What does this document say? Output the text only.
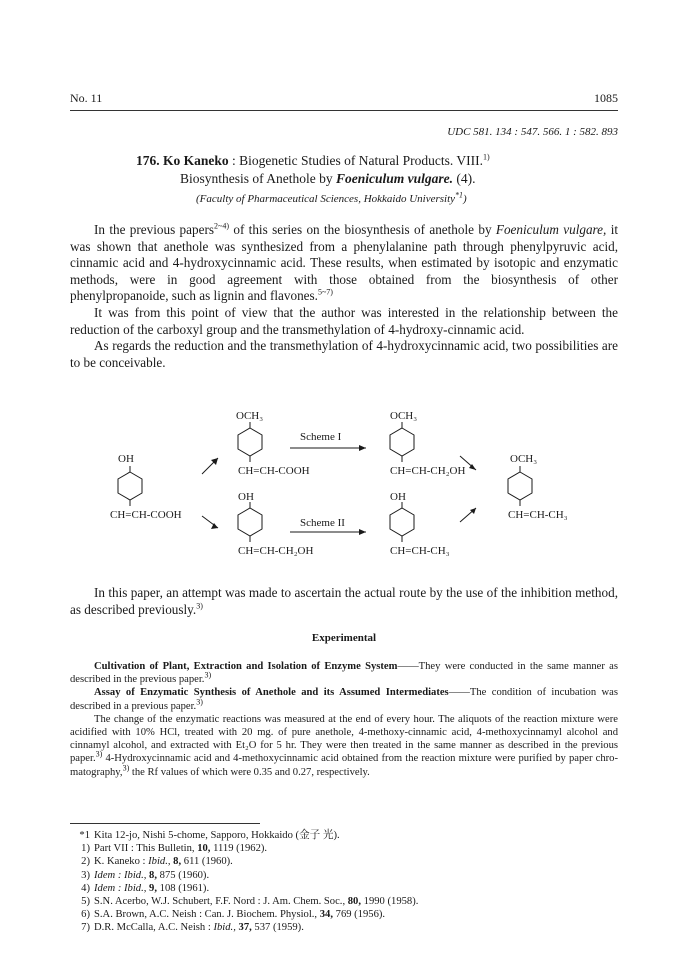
No. 11	1085
UDC 581. 134 : 547. 566. 1 : 582. 893
176. Ko Kaneko : Biogenetic Studies of Natural Products. VIII.$^{1)}$
Biosynthesis of Anethole by Foeniculum vulgare. (4).
(Faculty of Pharmaceutical Sciences, Hokkaido University$^{*1}$)

In the previous papers$^{2\sim 4)}$ of this series on the biosynthesis of anethole by Foeniculum vulgare, it was shown that anethole was synthesized from a phenylalanine path through phenylpyruvic acid, cinnamic acid and 4-hydroxycinnamic acid. These results, when estimated by isotopic and enzymatic methods, were in good agreement with those obtained from the biosynthesis of other phenylpropanoide, such as lignin and flavones.$^{5\sim 7)}$

It was from this point of view that the author was interested in the relationship between the reduction of the carboxyl group and the transmethylation of 4-hydroxy-cinnamic acid.

As regards the reduction and the transmethylation of 4-hydroxycinnamic acid, two possibilities are to be conceivable.

OH
CH=CH-COOH
OCH₃
CH=CH-COOH
Scheme I
OCH₃
CH=CH-CH₂OH
OH
CH=CH-CH₂OH
Scheme II
OH
CH=CH-CH₃
OCH₃
CH=CH-CH₃

In this paper, an attempt was made to ascertain the actual route by the use of the inhibition method, as described previously.$^{3)}$

Experimental

Cultivation of Plant, Extraction and Isolation of Enzyme System——They were conducted in the same manner as described in the previous paper.$^{3)}$

Assay of Enzymatic Synthesis of Anethole and its Assumed Intermediates——The condition of incubation was described in a previous paper.$^{3)}$

The change of the enzymatic reactions was measured at the end of every hour. The aliquots of the reaction mixture were acidified with 10% HCl, treated with 20 mg. of pure anethole, 4-methoxy-cinnamic acid, 4-methoxycinnamyl alcohol and cinnamyl alcohol, and extracted with Et₂O for 5 hr. They were then treated in the same manner as described in the previous paper.$^{3)}$ 4-Hydroxycinnamic acid and 4-methoxycinnamic acid obtained from the reaction mixture were purified by paper chro-matography,$^{3)}$ the Rf values of which were 0.35 and 0.27, respectively.

*1 Kita 12-jo, Nishi 5-chome, Sapporo, Hokkaido (金子 光).
1) Part VII : This Bulletin, 10, 1119 (1962).
2) K. Kaneko : Ibid., 8, 611 (1960).
3) Idem : Ibid., 8, 875 (1960).
4) Idem : Ibid., 9, 108 (1961).
5) S.N. Acerbo, W.J. Schubert, F.F. Nord : J. Am. Chem. Soc., 80, 1990 (1958).
6) S.A. Brown, A.C. Neish : Can. J. Biochem. Physiol., 34, 769 (1956).
7) D.R. McCalla, A.C. Neish : Ibid., 37, 537 (1959).
